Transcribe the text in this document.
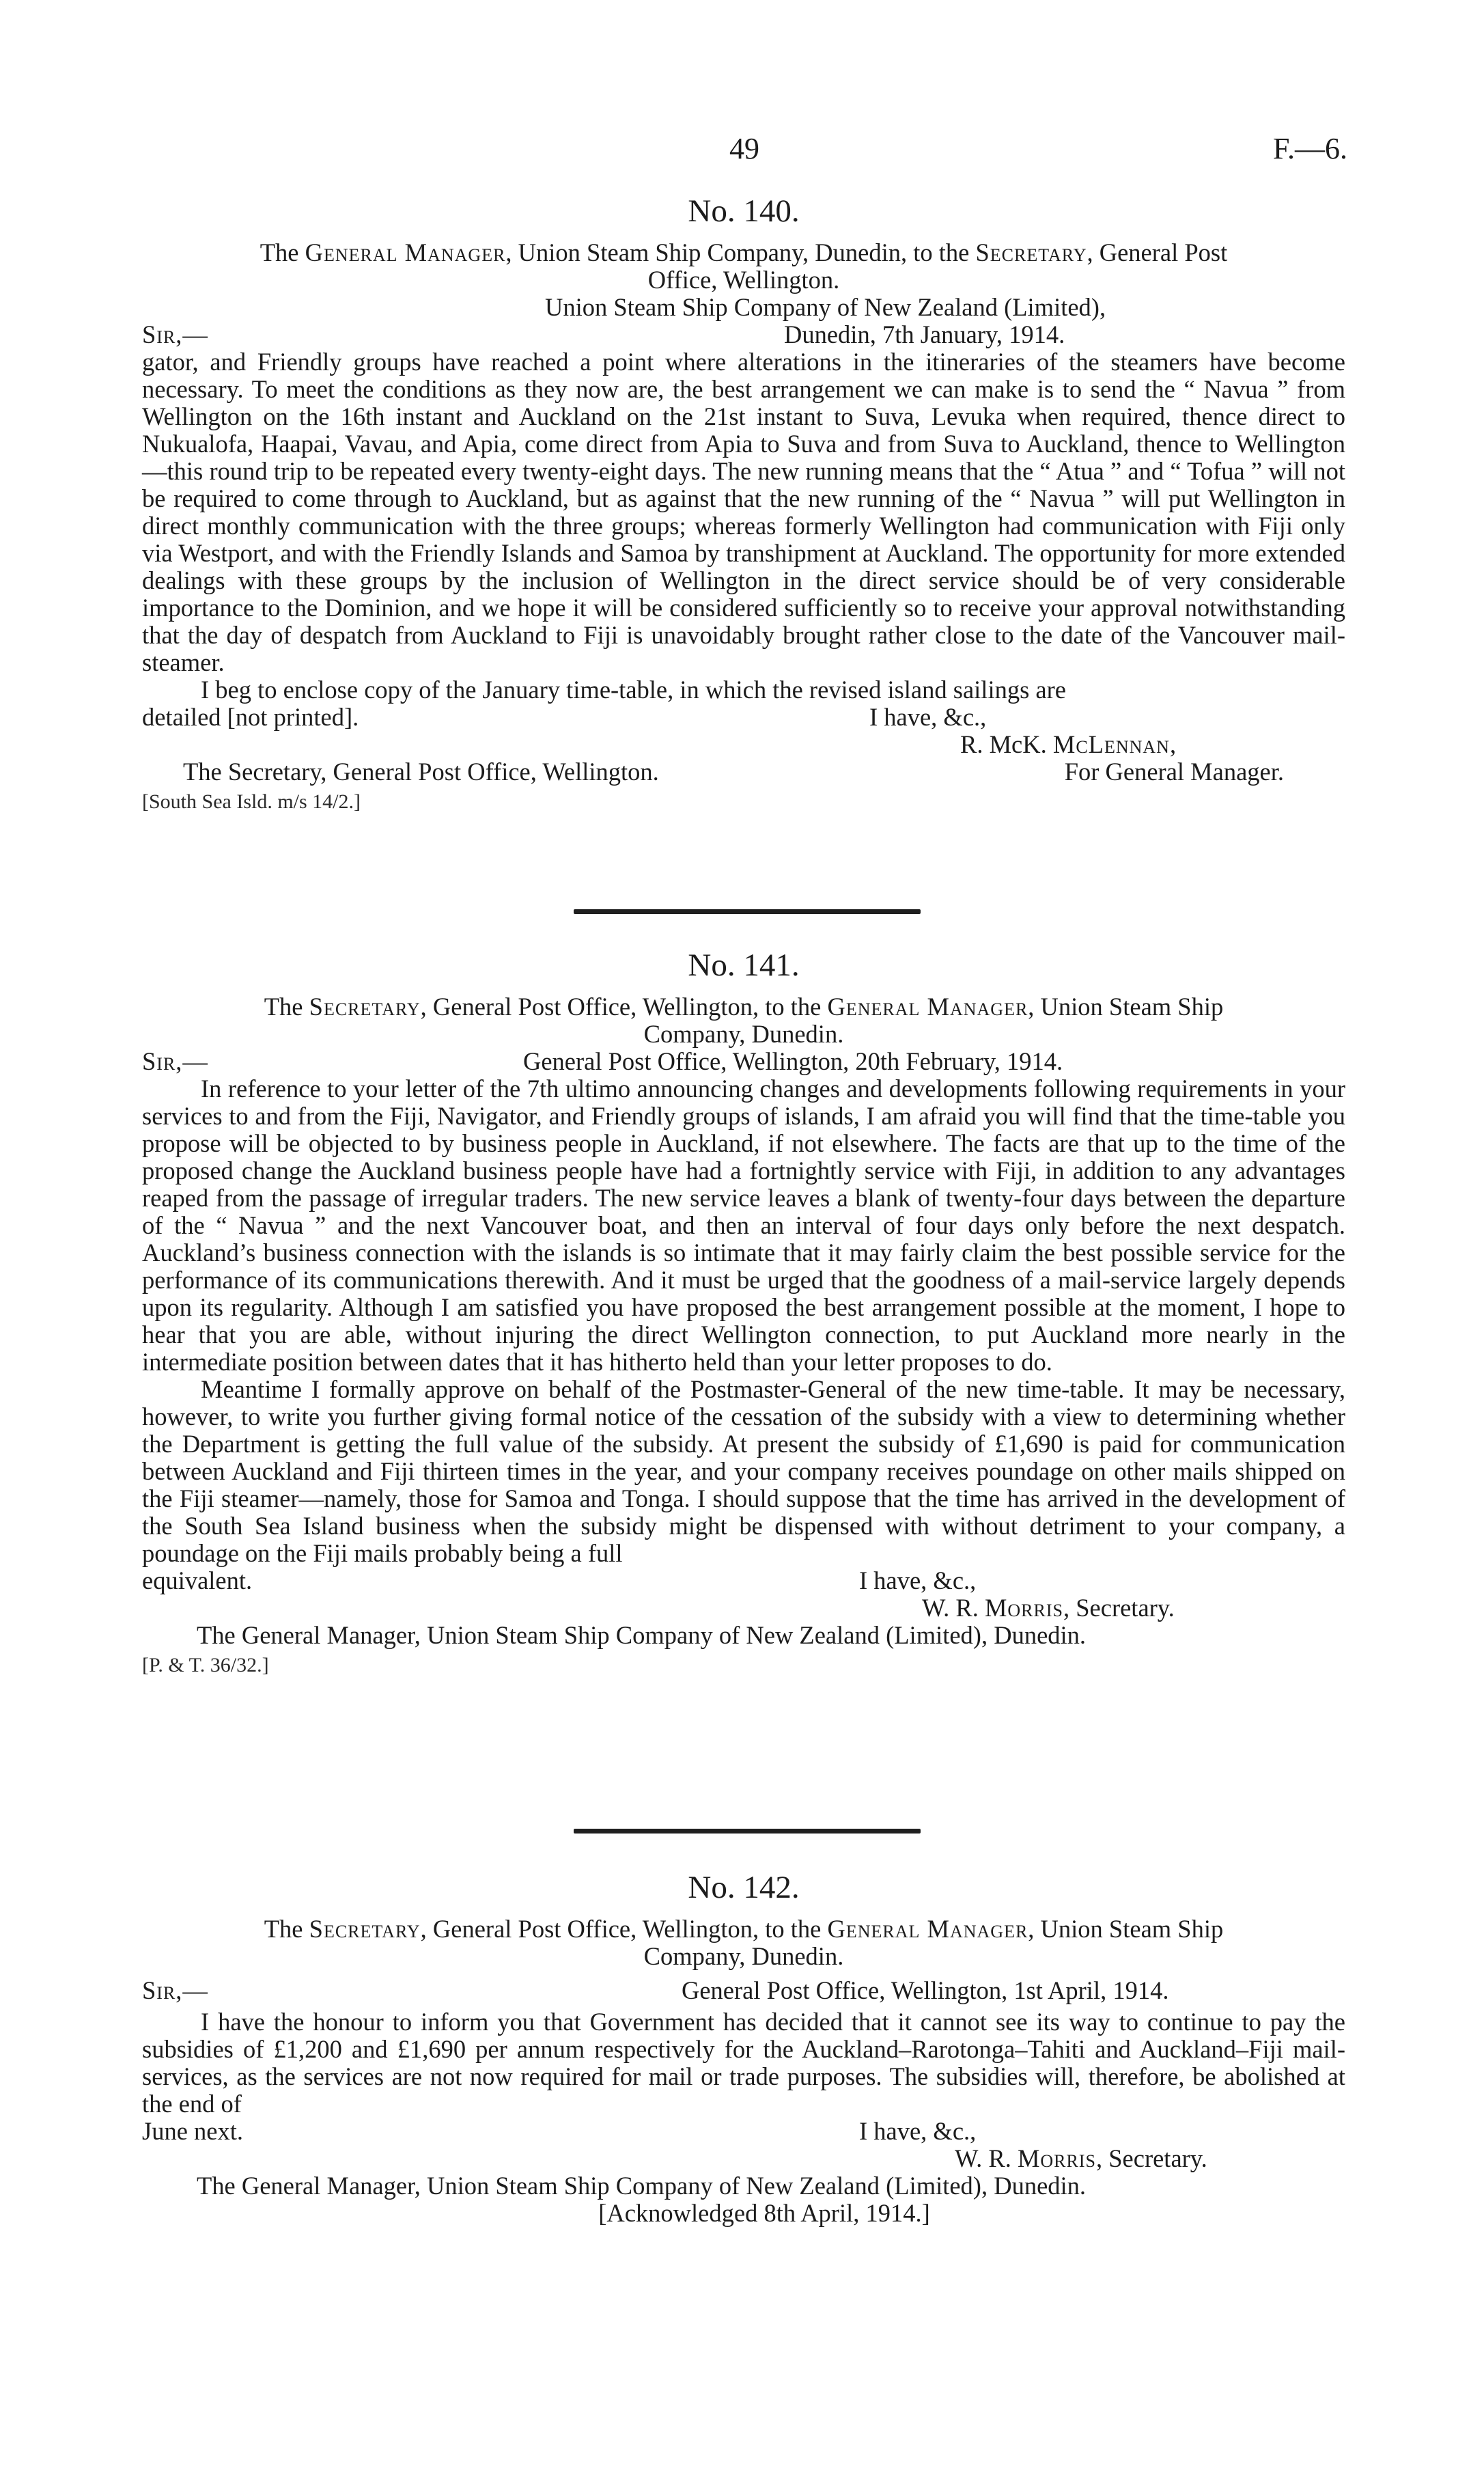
49	F.—6.
No. 140.
The General Manager, Union Steam Ship Company, Dunedin, to the Secretary, General Post
Office, Wellington.
Union Steam Ship Company of New Zealand (Limited),
Sir,—	Dunedin, 7th January, 1914.
gator, and Friendly groups have reached a point where alterations in the itineraries of the steamers have become necessary. To meet the conditions as they now are, the best arrangement we can make is to send the “ Navua ” from Wellington on the 16th instant and Auckland on the 21st instant to Suva, Levuka when required, thence direct to Nukualofa, Haapai, Vavau, and Apia, come direct from Apia to Suva and from Suva to Auckland, thence to Wellington—this round trip to be repeated every twenty-eight days. The new running means that the “ Atua ” and “ Tofua ” will not be required to come through to Auckland, but as against that the new running of the “ Navua ” will put Wellington in direct monthly communication with the three groups; whereas formerly Wellington had communication with Fiji only via Westport, and with the Friendly Islands and Samoa by transhipment at Auckland. The opportunity for more extended dealings with these groups by the inclusion of Wellington in the direct service should be of very considerable importance to the Dominion, and we hope it will be considered sufficiently so to receive your approval notwithstanding that the day of despatch from Auckland to Fiji is unavoidably brought rather close to the date of the Vancouver mail-steamer.
I beg to enclose copy of the January time-table, in which the revised island sailings are
detailed [not printed].	I have, &c.,
R. McK. McLennan,
The Secretary, General Post Office, Wellington.	For General Manager.
[South Sea Isld. m/s 14/2.]
No. 141.
The Secretary, General Post Office, Wellington, to the General Manager, Union Steam Ship
Company, Dunedin.
Sir,—	General Post Office, Wellington, 20th February, 1914.
In reference to your letter of the 7th ultimo announcing changes and developments following requirements in your services to and from the Fiji, Navigator, and Friendly groups of islands, I am afraid you will find that the time-table you propose will be objected to by business people in Auckland, if not elsewhere. The facts are that up to the time of the proposed change the Auckland business people have had a fortnightly service with Fiji, in addition to any advantages reaped from the passage of irregular traders. The new service leaves a blank of twenty-four days between the departure of the “ Navua ” and the next Vancouver boat, and then an interval of four days only before the next despatch. Auckland’s business connection with the islands is so intimate that it may fairly claim the best possible service for the performance of its communications therewith. And it must be urged that the goodness of a mail-service largely depends upon its regularity. Although I am satisfied you have proposed the best arrangement possible at the moment, I hope to hear that you are able, without injuring the direct Wellington connection, to put Auckland more nearly in the intermediate position between dates that it has hitherto held than your letter proposes to do.
Meantime I formally approve on behalf of the Postmaster-General of the new time-table. It may be necessary, however, to write you further giving formal notice of the cessation of the subsidy with a view to determining whether the Department is getting the full value of the subsidy. At present the subsidy of £1,690 is paid for communication between Auckland and Fiji thirteen times in the year, and your company receives poundage on other mails shipped on the Fiji steamer—namely, those for Samoa and Tonga. I should suppose that the time has arrived in the development of the South Sea Island business when the subsidy might be dispensed with without detriment to your company, a poundage on the Fiji mails probably being a full
equivalent.	I have, &c.,
W. R. Morris, Secretary.
The General Manager, Union Steam Ship Company of New Zealand (Limited), Dunedin.
[P. & T. 36/32.]
No. 142.
The Secretary, General Post Office, Wellington, to the General Manager, Union Steam Ship
Company, Dunedin.
Sir,—	General Post Office, Wellington, 1st April, 1914.
I have the honour to inform you that Government has decided that it cannot see its way to continue to pay the subsidies of £1,200 and £1,690 per annum respectively for the Auckland–Rarotonga–Tahiti and Auckland–Fiji mail-services, as the services are not now required for mail or trade purposes. The subsidies will, therefore, be abolished at the end of
June next.	I have, &c.,
W. R. Morris, Secretary.
The General Manager, Union Steam Ship Company of New Zealand (Limited), Dunedin.
[Acknowledged 8th April, 1914.]
